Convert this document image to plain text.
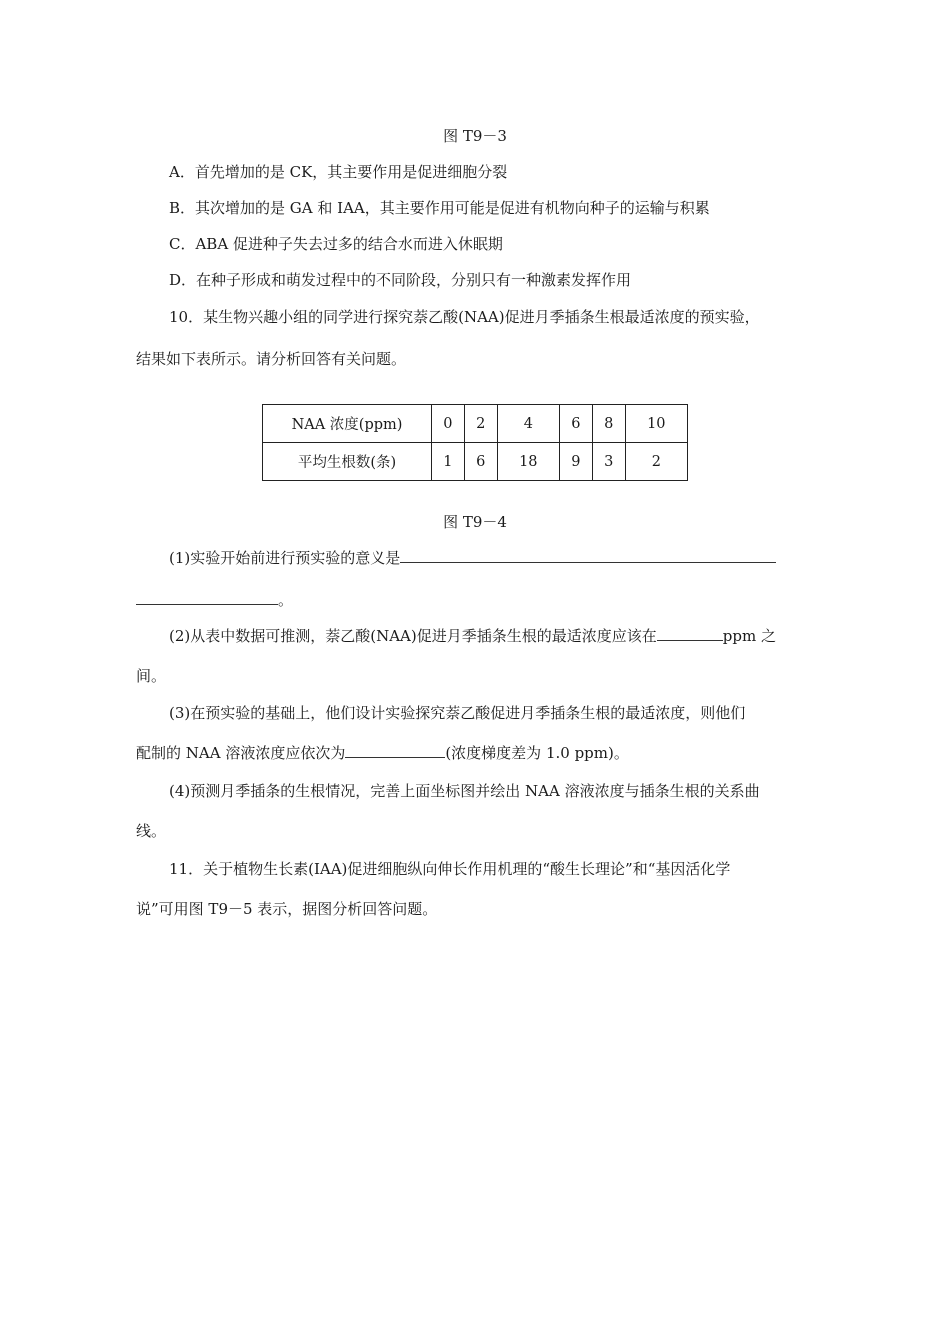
图 T9－3
A．首先增加的是 CK，其主要作用是促进细胞分裂
B．其次增加的是 GA 和 IAA，其主要作用可能是促进有机物向种子的运输与积累
C．ABA 促进种子失去过多的结合水而进入休眠期
D．在种子形成和萌发过程中的不同阶段，分别只有一种激素发挥作用
10．某生物兴趣小组的同学进行探究萘乙酸(NAA)促进月季插条生根最适浓度的预实验，
结果如下表所示。请分析回答有关问题。
NAA 浓度(ppm)	0	2	4	6	8	10
平均生根数(条)	1	6	18	9	3	2
图 T9－4
(1)实验开始前进行预实验的意义是
。
(2)从表中数据可推测，萘乙酸(NAA)促进月季插条生根的最适浓度应该在	ppm 之
间。
(3)在预实验的基础上，他们设计实验探究萘乙酸促进月季插条生根的最适浓度，则他们
配制的 NAA 溶液浓度应依次为	(浓度梯度差为 1.0 ppm)。
(4)预测月季插条的生根情况，完善上面坐标图并绘出 NAA 溶液浓度与插条生根的关系曲
线。
11．关于植物生长素(IAA)促进细胞纵向伸长作用机理的“酸生长理论”和“基因活化学
说”可用图 T9－5 表示，据图分析回答问题。
